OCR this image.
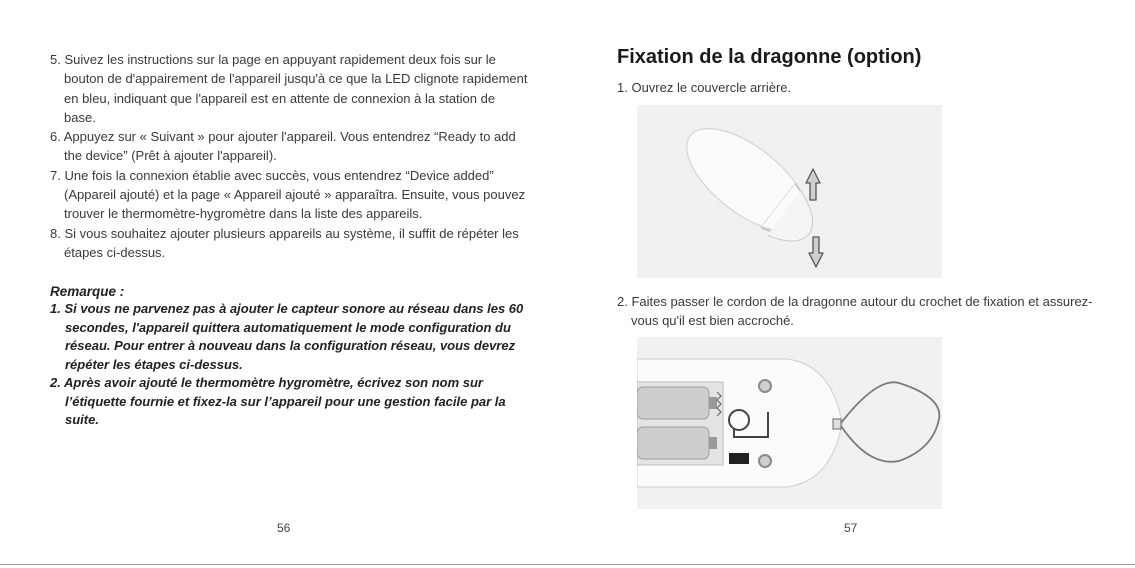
5. Suivez les instructions sur la page en appuyant rapidement deux fois sur le bouton de d'appairement de l'appareil jusqu'à ce que la LED clignote rapidement en bleu, indiquant que l'appareil est en attente de connexion à la station de base.
6. Appuyez sur « Suivant » pour ajouter l'appareil. Vous entendrez “Ready to add the device” (Prêt à ajouter l'appareil).
7. Une fois la connexion établie avec succès, vous entendrez “Device added” (Appareil ajouté) et la page « Appareil ajouté » apparaîtra. Ensuite, vous pouvez trouver le thermomètre-hygromètre dans la liste des appareils.
8. Si vous souhaitez ajouter plusieurs appareils au système, il suffit de répéter les étapes ci-dessus.
Remarque :
1. Si vous ne parvenez pas à ajouter le capteur sonore au réseau dans les 60 secondes, l'appareil quittera automatiquement le mode configuration du réseau. Pour entrer à nouveau dans la configuration réseau, vous devrez répéter les étapes ci-dessus.
2. Après avoir ajouté le thermomètre hygromètre, écrivez son nom sur l’étiquette fournie et fixez-la sur l’appareil pour une gestion facile par la suite.
56
Fixation de la dragonne (option)

1. Ouvrez le couvercle arrière.

2. Faites passer le cordon de la dragonne autour du crochet de fixation et assurez-vous qu'il est bien accroché.

57
